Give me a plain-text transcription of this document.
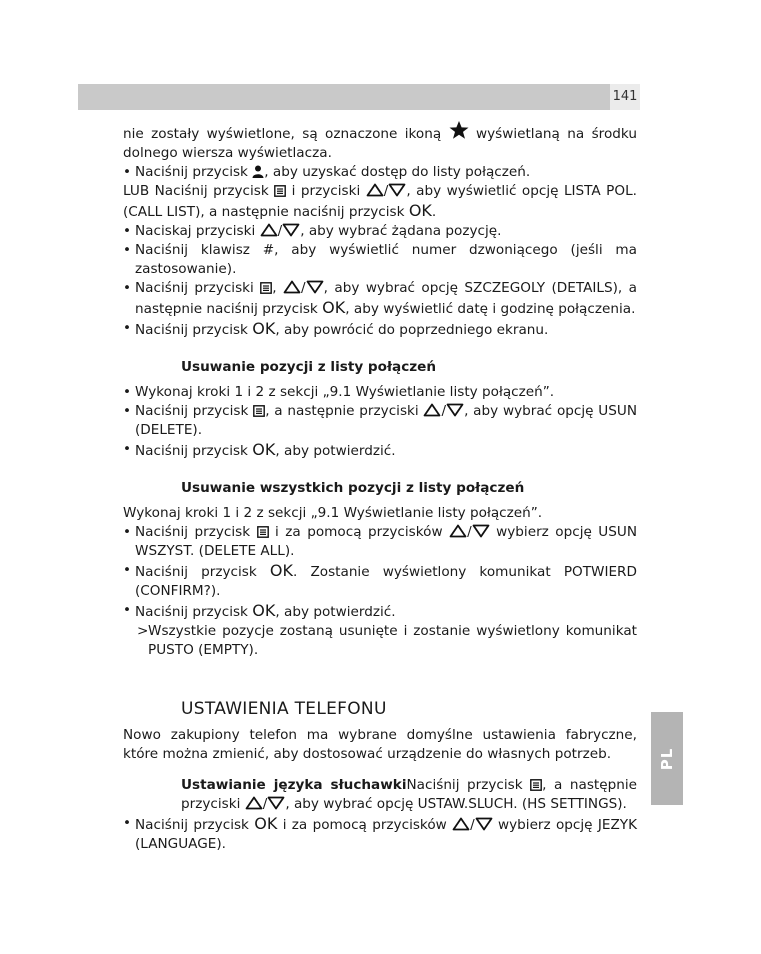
141
PL

nie zostały wyświetlone, są oznaczone ikoną	wyświetlaną na środku dolnego wiersza wyświetlacza.

• Naciśnij przycisk , aby uzyskać dostęp do listy połączeń.

LUB Naciśnij przycisk i przyciski / , aby wyświetlić opcję LISTA POL. (CALL LIST), a następnie naciśnij przycisk OK.

• Naciskaj przyciski / , aby wybrać żądana pozycję.

• Naciśnij klawisz #, aby wyświetlić numer dzwoniącego (jeśli ma zastosowanie).

• Naciśnij przyciski , / , aby wybrać opcję SZCZEGOLY (DETAILS), a następnie naciśnij przycisk OK, aby wyświetlić datę i godzinę połączenia.

• Naciśnij przycisk OK, aby powrócić do poprzedniego ekranu.

Usuwanie pozycji z listy połączeń

• Wykonaj kroki 1 i 2 z sekcji „9.1 Wyświetlanie listy połączeń”.

• Naciśnij przycisk , a następnie przyciski / , aby wybrać opcję USUN (DELETE).

• Naciśnij przycisk OK, aby potwierdzić.

Usuwanie wszystkich pozycji z listy połączeń

Wykonaj kroki 1 i 2 z sekcji „9.1 Wyświetlanie listy połączeń”.

• Naciśnij przycisk i za pomocą przycisków / wybierz opcję USUN WSZYST. (DELETE ALL).

• Naciśnij przycisk OK. Zostanie wyświetlony komunikat POTWIERD (CONFIRM?).

• Naciśnij przycisk OK, aby potwierdzić.

> Wszystkie pozycje zostaną usunięte i zostanie wyświetlony komunikat PUSTO (EMPTY).

USTAWIENIA TELEFONU

Nowo zakupiony telefon ma wybrane domyślne ustawienia fabryczne, które można zmienić, aby dostosować urządzenie do własnych potrzeb.

Ustawianie języka słuchawkiNaciśnij przycisk , a następnie przyciski / , aby wybrać opcję USTAW.SLUCH. (HS SETTINGS).

• Naciśnij przycisk OK i za pomocą przycisków / wybierz opcję JEZYK (LANGUAGE).
